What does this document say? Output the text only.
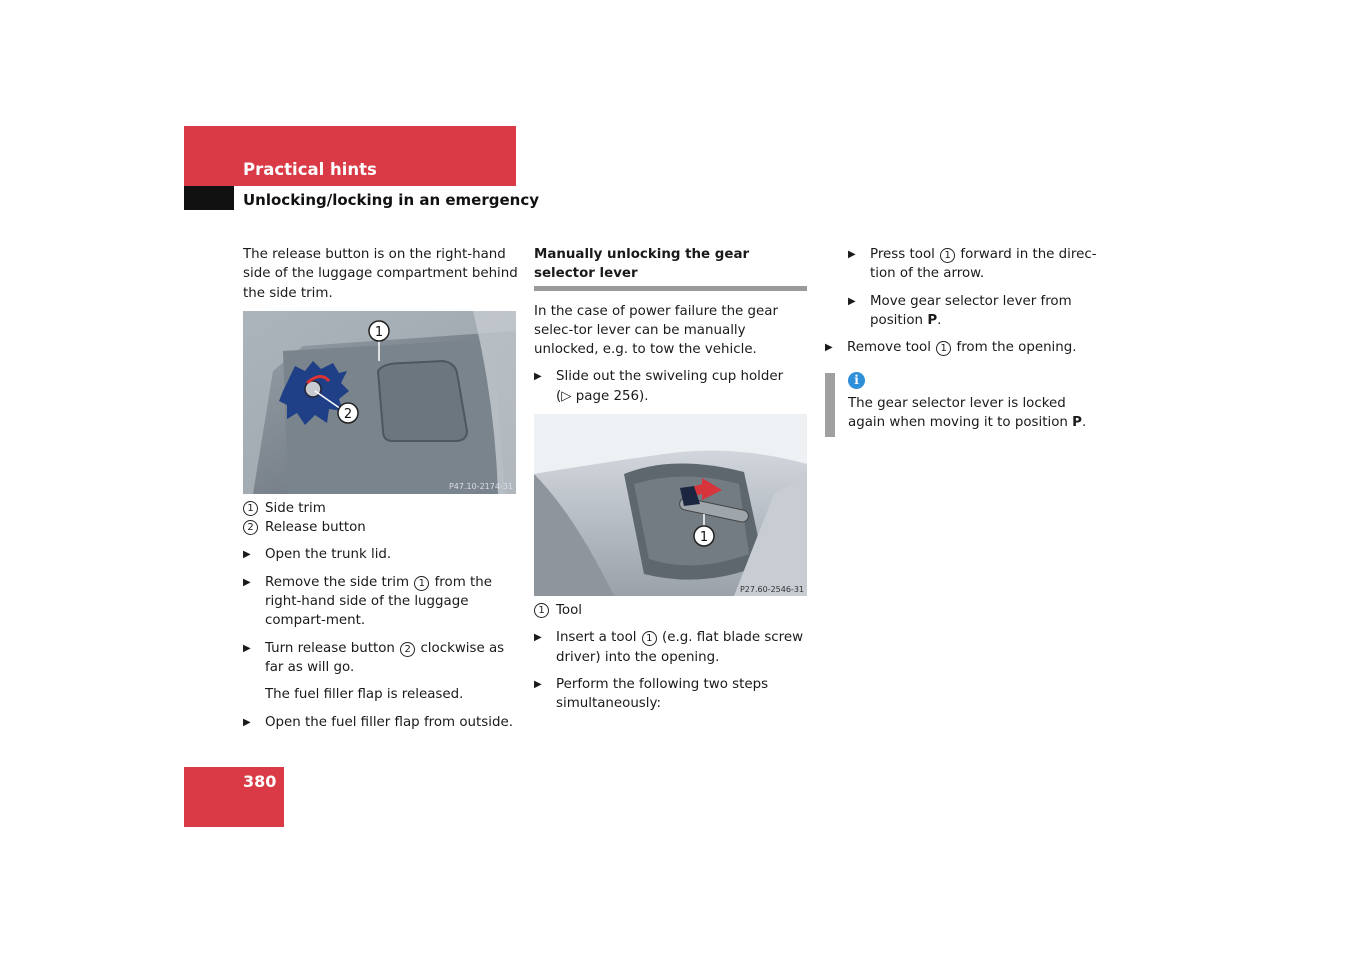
Practical hints
Unlocking/locking in an emergency

The release button is on the right-hand side of the luggage compartment behind the side trim.

1
2
P47.10-2174-31
1 Side trim
2 Release button
▶ Open the trunk lid.
▶ Remove the side trim 1 from the right-hand side of the luggage compart-ment.
▶ Turn release button 2 clockwise as far as will go.
The fuel filler flap is released.
▶ Open the fuel filler flap from outside.
Manually unlocking the gear selector lever

In the case of power failure the gear selec-tor lever can be manually unlocked, e.g. to tow the vehicle.

▶ Slide out the swiveling cup holder
(▷ page 256).
1
P27.60-2546-31
1 Tool
▶ Insert a tool 1 (e.g. flat blade screw driver) into the opening.
▶ Perform the following two steps simultaneously:
▶ Press tool 1 forward in the direc-tion of the arrow.
▶ Move gear selector lever from position P.
▶ Remove tool 1 from the opening.
i
The gear selector lever is locked again when moving it to position P.
380
